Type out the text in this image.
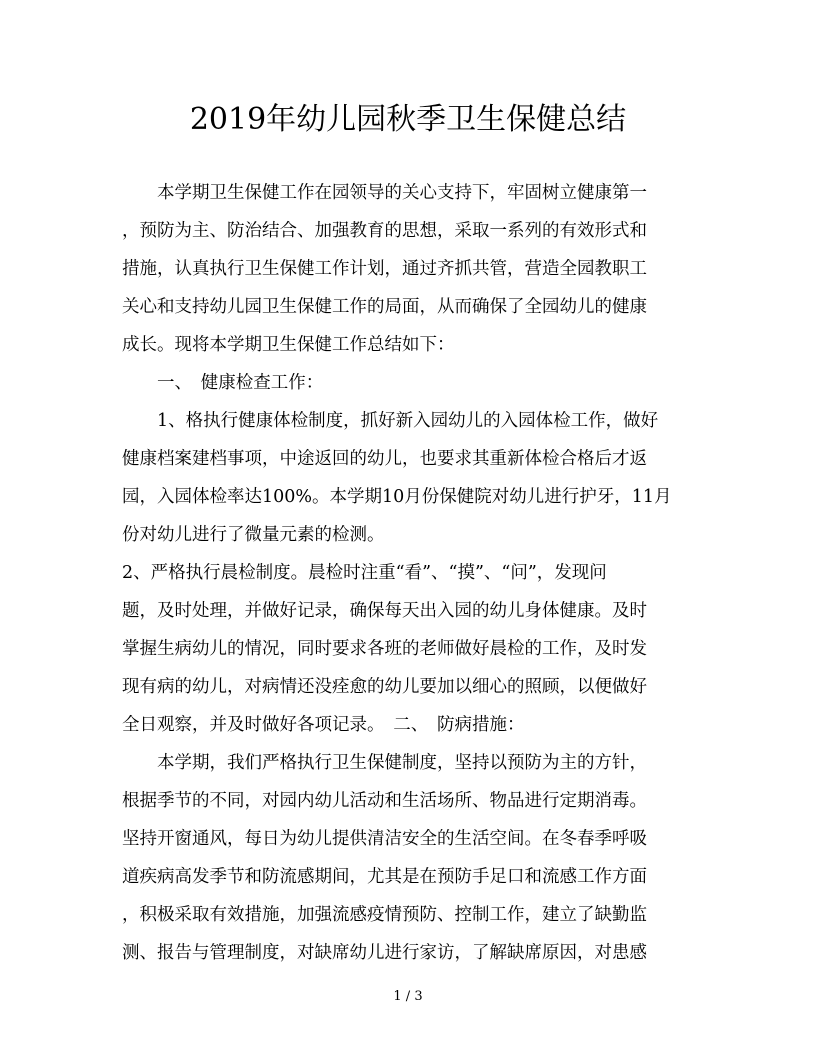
2019年幼儿园秋季卫生保健总结
　　本学期卫生保健工作在园领导的关心支持下，牢固树立健康第一
，预防为主、防治结合、加强教育的思想，采取一系列的有效形式和
措施，认真执行卫生保健工作计划，通过齐抓共管，营造全园教职工
关心和支持幼儿园卫生保健工作的局面，从而确保了全园幼儿的健康
成长。现将本学期卫生保健工作总结如下：
　　一、　健康检查工作：
　　1、格执行健康体检制度，抓好新入园幼儿的入园体检工作，做好
健康档案建档事项，中途返回的幼儿，也要求其重新体检合格后才返
园，入园体检率达100%。本学期10月份保健院对幼儿进行护牙，11月
份对幼儿进行了微量元素的检测。
2、严格执行晨检制度。晨检时注重“看”、“摸”、“问”，发现问
题，及时处理，并做好记录，确保每天出入园的幼儿身体健康。及时
掌握生病幼儿的情况，同时要求各班的老师做好晨检的工作，及时发
现有病的幼儿，对病情还没痊愈的幼儿要加以细心的照顾，以便做好
全日观察，并及时做好各项记录。　二、　防病措施：
　　本学期，我们严格执行卫生保健制度，坚持以预防为主的方针，
根据季节的不同，对园内幼儿活动和生活场所、物品进行定期消毒。
坚持开窗通风，每日为幼儿提供清洁安全的生活空间。在冬春季呼吸
道疾病高发季节和防流感期间，尤其是在预防手足口和流感工作方面
，积极采取有效措施，加强流感疫情预防、控制工作，建立了缺勤监
测、报告与管理制度，对缺席幼儿进行家访，了解缺席原因，对患感
1 / 3
